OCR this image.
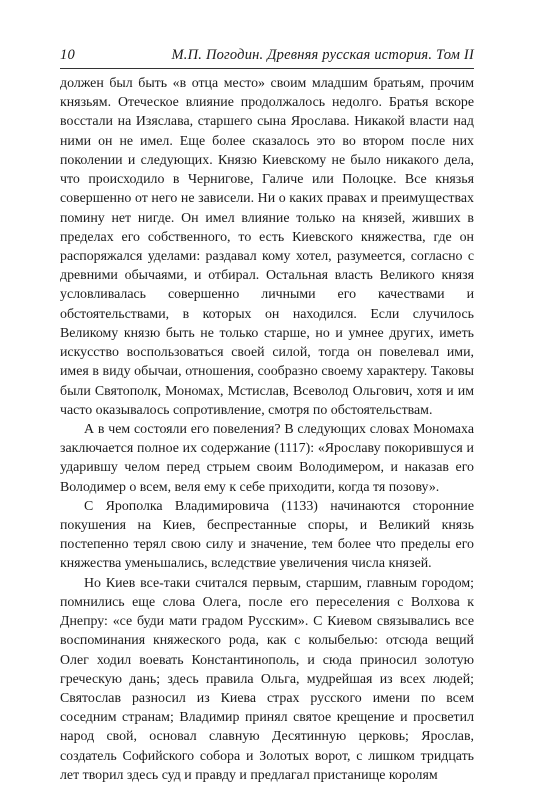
10	М.П. Погодин. Древняя русская история. Том II

должен был быть «в отца место» своим младшим братьям, прочим князьям. Отеческое влияние продолжалось недолго. Братья вскоре восстали на Изяслава, старшего сына Ярослава. Никакой власти над ними он не имел. Еще более сказалось это во втором после них поколении и следующих. Князю Киевскому не было никакого дела, что происходило в Чернигове, Галиче или Полоцке. Все князья совершенно от него не зависели. Ни о каких правах и преимуществах помину нет нигде. Он имел влияние только на князей, живших в пределах его собственного, то есть Киевского княжества, где он распоряжался уделами: раздавал кому хотел, разумеется, согласно с древними обычаями, и отбирал. Остальная власть Великого князя условливалась совершенно личными его качествами и обстоятельствами, в которых он находился. Если случилось Великому князю быть не только старше, но и умнее других, иметь искусство воспользоваться своей силой, тогда он повелевал ими, имея в виду обычаи, отношения, сообразно своему характеру. Таковы были Святополк, Мономах, Мстислав, Всеволод Ольгович, хотя и им часто оказывалось сопротивление, смотря по обстоятельствам.

А в чем состояли его повеления? В следующих словах Мономаха заключается полное их содержание (1117): «Ярославу покорившуся и ударившу челом перед стрыем своим Володимером, и наказав его Володимер о всем, веля ему к себе приходити, когда тя позову».

С Ярополка Владимировича (1133) начинаются сторонние покушения на Киев, беспрестанные споры, и Великий князь постепенно терял свою силу и значение, тем более что пределы его княжества уменьшались, вследствие увеличения числа князей.

Но Киев все-таки считался первым, старшим, главным городом; помнились еще слова Олега, после его переселения с Волхова к Днепру: «се буди мати градом Русским». С Киевом связывались все воспоминания княжеского рода, как с колыбелью: отсюда вещий Олег ходил воевать Константинополь, и сюда приносил золотую греческую дань; здесь правила Ольга, мудрейшая из всех людей; Святослав разносил из Киева страх русского имени по всем соседним странам; Владимир принял святое крещение и просветил народ свой, основал славную Десятинную церковь; Ярослав, создатель Софийского собора и Золотых ворот, с лишком тридцать лет творил здесь суд и правду и предлагал пристанище королям
